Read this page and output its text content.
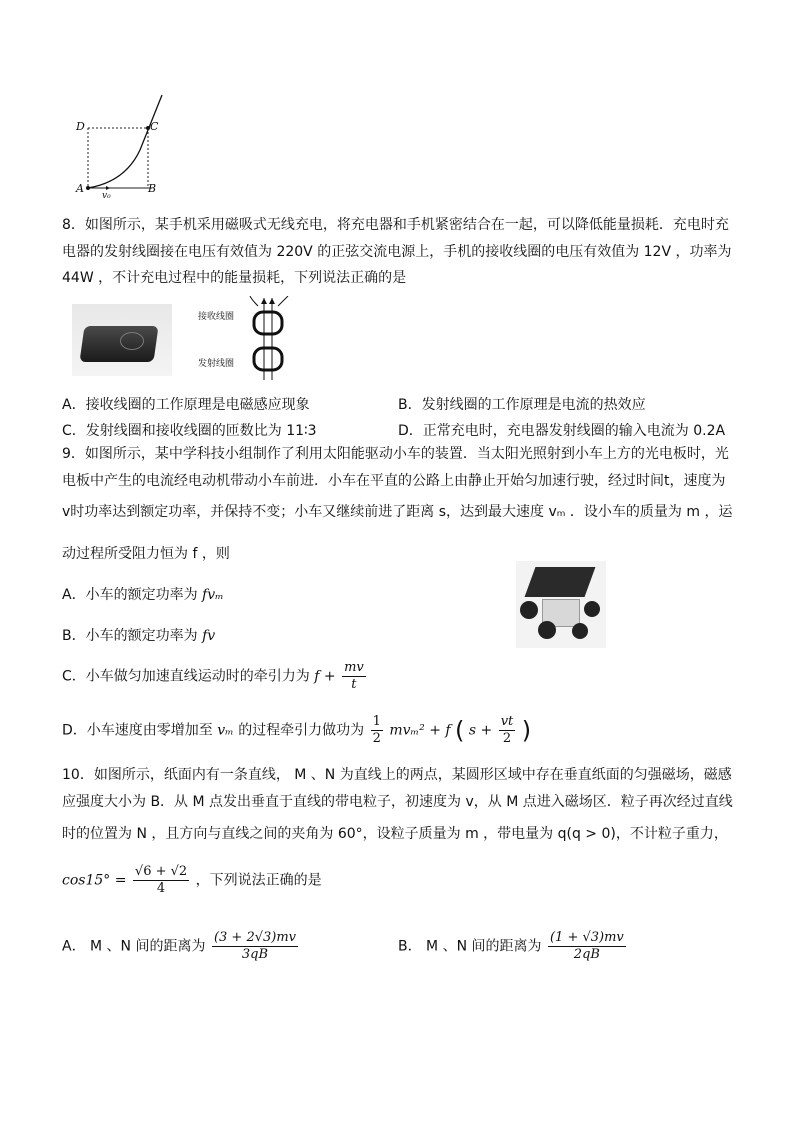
D	C
A	B
v₀
8．如图所示，某手机采用磁吸式无线充电，将充电器和手机紧密结合在一起，可以降低能量损耗．充电时充
电器的发射线圈接在电压有效值为 220V 的正弦交流电源上，手机的接收线圈的电压有效值为 12V ，功率为
44W ，不计充电过程中的能量损耗，下列说法正确的是
接收线圈
发射线圈
A．接收线圈的工作原理是电磁感应现象	B．发射线圈的工作原理是电流的热效应
C．发射线圈和接收线圈的匝数比为 11∶3	D．正常充电时，充电器发射线圈的输入电流为 0.2A
9．如图所示，某中学科技小组制作了利用太阳能驱动小车的装置．当太阳光照射到小车上方的光电板时，光
电板中产生的电流经电动机带动小车前进．小车在平直的公路上由静止开始匀加速行驶，经过时间t，速度为
v时功率达到额定功率，并保持不变；小车又继续前进了距离 s，达到最大速度 vₘ ．设小车的质量为 m ，运
动过程所受阻力恒为 f ，则
A．小车的额定功率为 fvₘ
B．小车的额定功率为 fv
C．小车做匀加速直线运动时的牵引力为 $f + \frac{mv}{t}$
D．小车速度由零增加至 vₘ 的过程牵引力做功为 $\frac{1}{2} mv_m^2 + f$ ( $s + \frac{vt}{2}$ )
10．如图所示，纸面内有一条直线， M 、N 为直线上的两点，某圆形区域中存在垂直纸面的匀强磁场，磁感
应强度大小为 B．从 M 点发出垂直于直线的带电粒子，初速度为 v，从 M 点进入磁场区．粒子再次经过直线
时的位置为 N ，且方向与直线之间的夹角为 60°，设粒子质量为 m ，带电量为 q(q > 0)，不计粒子重力，
$\cos 15^\circ = \frac{√6 + √2}{4}$ ，下列说法正确的是
A． M 、N 间的距离为 $\frac{(3 + 2√3)mv}{3qB}$	B． M 、N 间的距离为 $\frac{(1 + √3)mv}{2qB}$
